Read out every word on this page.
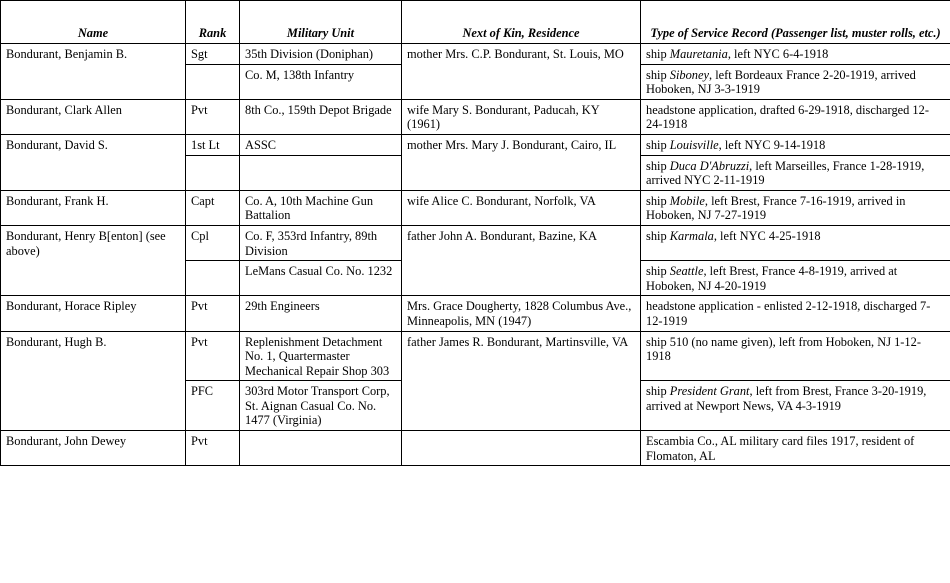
Name	Rank	Military Unit	Next of Kin, Residence	Type of Service Record (Passenger list, muster rolls, etc.)
Bondurant, Benjamin B.	Sgt	35th Division (Doniphan)	mother Mrs. C.P. Bondurant, St. Louis, MO	ship Mauretania, left NYC 6-4-1918
		Co. M, 138th Infantry		ship Siboney, left Bordeaux France 2-20-1919, arrived Hoboken, NJ 3-3-1919
Bondurant, Clark Allen	Pvt	8th Co., 159th Depot Brigade	wife Mary S. Bondurant, Paducah, KY (1961)	headstone application, drafted 6-29-1918, discharged 12-24-1918
Bondurant, David S.	1st Lt	ASSC	mother Mrs. Mary J. Bondurant, Cairo, IL	ship Louisville, left NYC 9-14-1918
				ship Duca D'Abruzzi, left Marseilles, France 1-28-1919, arrived NYC 2-11-1919
Bondurant, Frank H.	Capt	Co. A, 10th Machine Gun Battalion	wife Alice C. Bondurant, Norfolk, VA	ship Mobile, left Brest, France 7-16-1919, arrived in Hoboken, NJ 7-27-1919
Bondurant, Henry B[enton] (see above)	Cpl	Co. F, 353rd Infantry, 89th Division	father John A. Bondurant, Bazine, KA	ship Karmala, left NYC 4-25-1918
		LeMans Casual Co. No. 1232		ship Seattle, left Brest, France 4-8-1919, arrived at Hoboken, NJ 4-20-1919
Bondurant, Horace Ripley	Pvt	29th Engineers	Mrs. Grace Dougherty, 1828 Columbus Ave., Minneapolis, MN (1947)	headstone application - enlisted 2-12-1918, discharged 7-12-1919
Bondurant, Hugh B.	Pvt	Replenishment Detachment No. 1, Quartermaster Mechanical Repair Shop 303	father James R. Bondurant, Martinsville, VA	ship 510 (no name given), left from Hoboken, NJ 1-12-1918
	PFC	303rd Motor Transport Corp, St. Aignan Casual Co. No. 1477 (Virginia)		ship President Grant, left from Brest, France 3-20-1919, arrived at Newport News, VA 4-3-1919
Bondurant, John Dewey	Pvt			Escambia Co., AL military card files 1917, resident of Flomaton, AL
